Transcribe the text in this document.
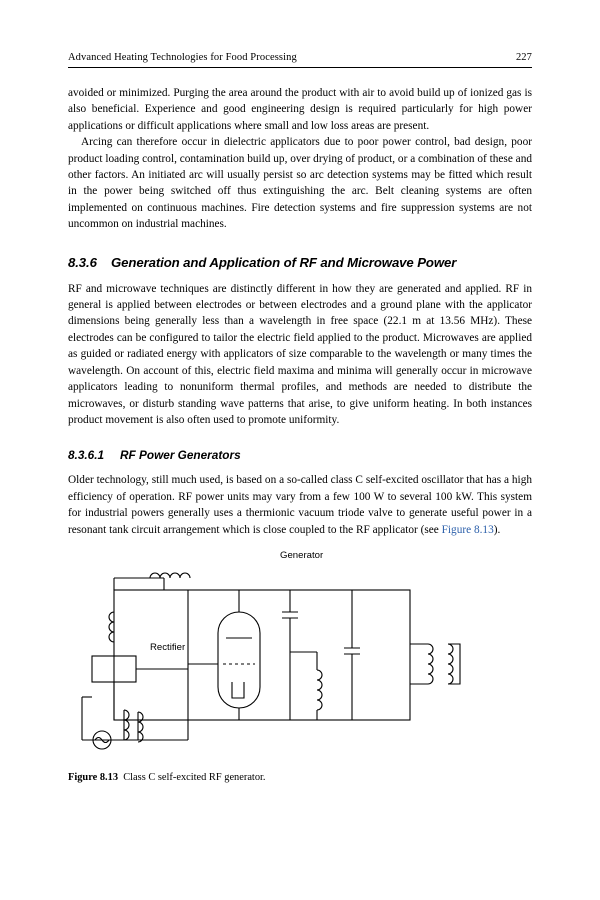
Advanced Heating Technologies for Food Processing	227

avoided or minimized. Purging the area around the product with air to avoid build up of ionized gas is also beneficial. Experience and good engineering design is required particularly for high power applications or difficult applications where small and low loss areas are present.

Arcing can therefore occur in dielectric applicators due to poor power control, bad design, poor product loading control, contamination build up, over drying of product, or a combination of these and other factors. An initiated arc will usually persist so arc detection systems may be fitted which result in the power being switched off thus extinguishing the arc. Belt cleaning systems are often implemented on continuous machines. Fire detection systems and fire suppression systems are not uncommon on industrial machines.

8.3.6 Generation and Application of RF and Microwave Power

RF and microwave techniques are distinctly different in how they are generated and applied. RF in general is applied between electrodes or between electrodes and a ground plane with the applicator dimensions being generally less than a wavelength in free space (22.1 m at 13.56 MHz). These electrodes can be configured to tailor the electric field applied to the product. Microwaves are applied as guided or radiated energy with applicators of size comparable to the wavelength or many times the wavelength. On account of this, electric field maxima and minima will generally occur in microwave applicators leading to nonuniform thermal profiles, and methods are needed to distribute the microwaves, or disturb standing wave patterns that arise, to give uniform heating. In both instances product movement is also often used to promote uniformity.

8.3.6.1 RF Power Generators

Older technology, still much used, is based on a so-called class C self-excited oscillator that has a high efficiency of operation. RF power units may vary from a few 100 W to several 100 kW. This system for industrial powers generally uses a thermionic vacuum triode valve to generate useful power in a resonant tank circuit arrangement which is close coupled to the RF applicator (see Figure 8.13).

Generator
Rectifier
Figure 8.13 Class C self-excited RF generator.
